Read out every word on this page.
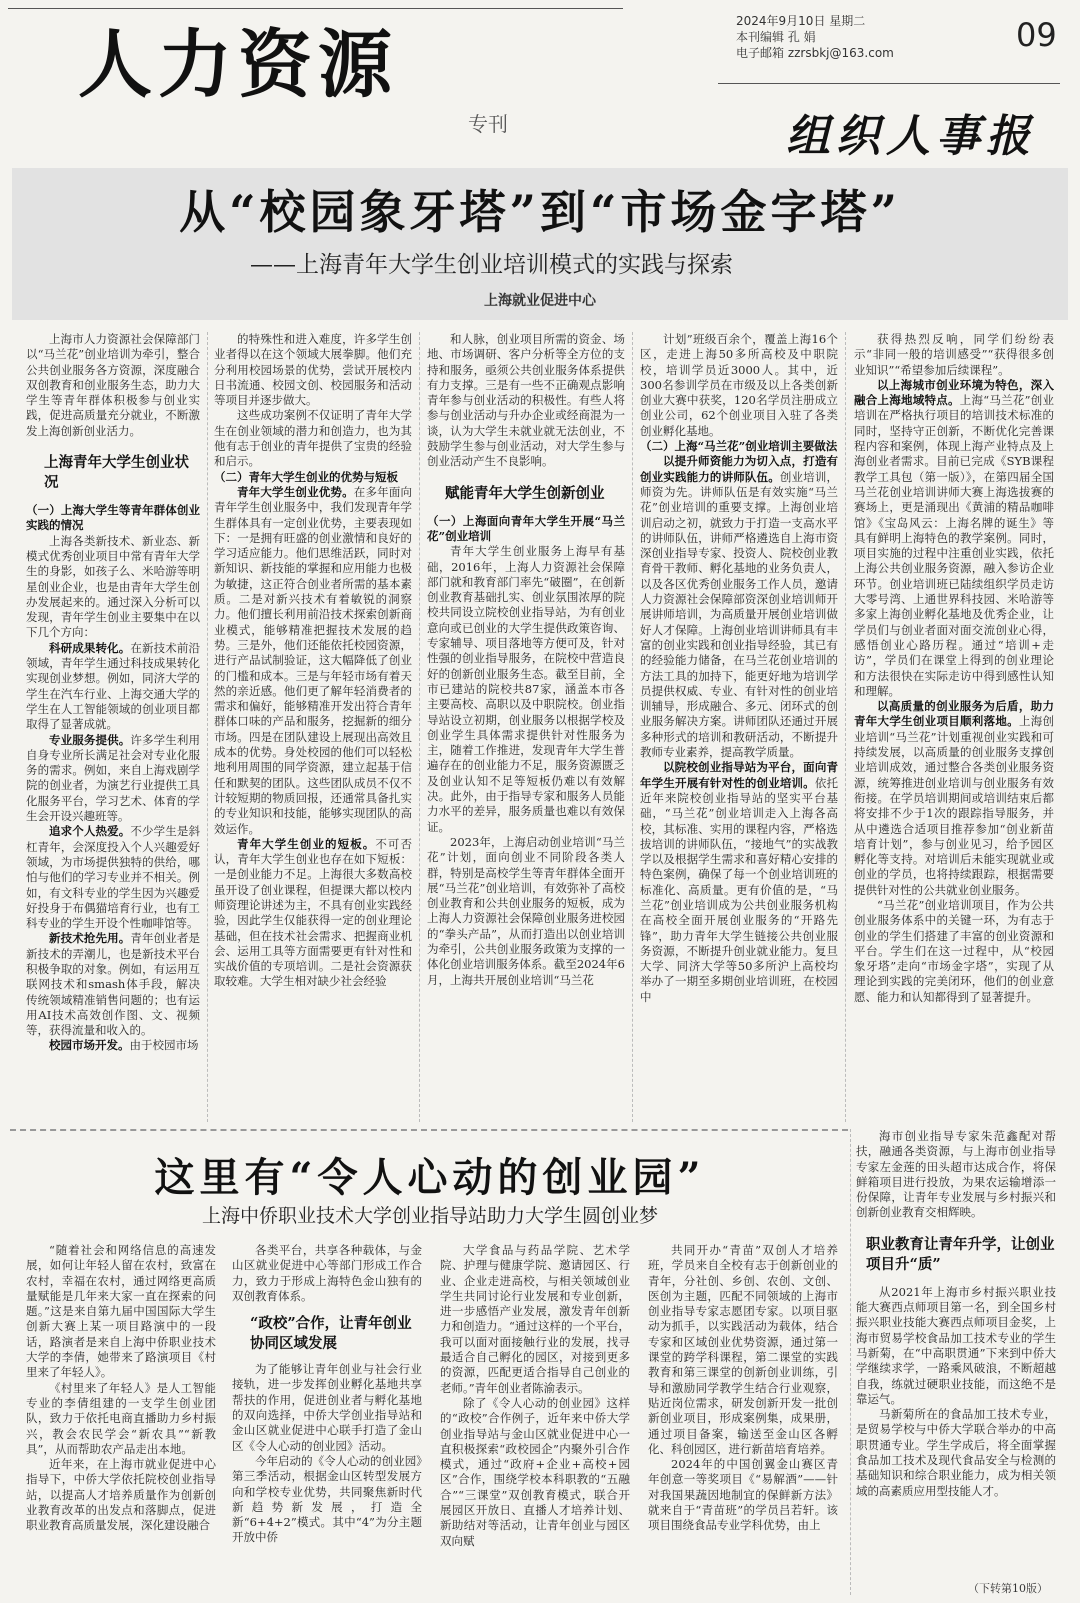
人力资源
专刊
2024年9月10日 星期二
本刊编辑 孔 娟
电子邮箱 zzrsbkj@163.com	09
组织人事报
从“校园象牙塔”到“市场金字塔”
——上海青年大学生创业培训模式的实践与探索
上海就业促进中心

上海市人力资源社会保障部门以“马兰花”创业培训为牵引，整合公共创业服务各方资源，深度融合双创教育和创业服务生态，助力大学生等青年群体积极参与创业实践，促进高质量充分就业，不断激发上海创新创业活力。

上海青年大学生创业状况

（一）上海大学生等青年群体创业实践的情况

上海各类新技术、新业态、新模式优秀创业项目中常有青年大学生的身影，如孩子么、米哈游等明星创业企业，也是由青年大学生创办发展起来的。通过深入分析可以发现，青年学生创业主要集中在以下几个方向：

科研成果转化。在新技术前沿领域，青年学生通过科技成果转化实现创业梦想。例如，同济大学的学生在汽车行业、上海交通大学的学生在人工智能领域的创业项目都取得了显著成就。

专业服务提供。许多学生利用自身专业所长满足社会对专业化服务的需求。例如，来自上海戏剧学院的创业者，为演艺行业提供工具化服务平台，学习艺术、体育的学生会开设兴趣班等。

追求个人热爱。不少学生是斜杠青年，会深度投入个人兴趣爱好领域，为市场提供独特的供给，哪怕与他们的学习专业并不相关。例如，有文科专业的学生因为兴趣爱好投身于布偶猫培育行业，也有工科专业的学生开设个性咖啡馆等。

新技术抢先用。青年创业者是新技术的弄潮儿，也是新技术平台积极争取的对象。例如，有运用互联网技术和smash体手段，解决传统领域精准销售问题的；也有运用AI技术高效创作图、文、视频等，获得流量和收入的。

校园市场开发。由于校园市场

的特殊性和进入难度，许多学生创业者得以在这个领域大展拳脚。他们充分利用校园场景的优势，尝试开展校内日书流通、校园文创、校园服务和活动等项目并逐步做大。

这些成功案例不仅证明了青年大学生在创业领域的潜力和创造力，也为其他有志于创业的青年提供了宝贵的经验和启示。

（二）青年大学生创业的优势与短板

青年大学生创业优势。在多年面向青年学生创业服务中，我们发现青年学生群体具有一定创业优势，主要表现如下：一是拥有旺盛的创业激情和良好的学习适应能力。他们思维活跃，同时对新知识、新技能的掌握和应用能力也极为敏捷，这正符合创业者所需的基本素质。二是对新兴技术有着敏锐的洞察力。他们擅长利用前沿技术探索创新商业模式，能够精准把握技术发展的趋势。三是外，他们还能依托校园资源，进行产品试制验证，这大幅降低了创业的门槛和成本。三是与年轻市场有着天然的亲近感。他们更了解年轻消费者的需求和偏好，能够精准开发出符合青年群体口味的产品和服务，挖掘新的细分市场。四是在团队建设上展现出高效且成本的优势。身处校园的他们可以轻松地利用周围的同学资源，建立起基于信任和默契的团队。这些团队成员不仅不计较短期的物质回报，还通常具备扎实的专业知识和技能，能够实现团队的高效运作。

青年大学生创业的短板。不可否认，青年大学生创业也存在如下短板：一是创业能力不足。上海很大多数高校虽开设了创业课程，但提课大都以校内师资理论讲述为主，不具有创业实践经验，因此学生仅能获得一定的创业理论基础，但在技术社会需求、把握商业机会、运用工具等方面需要更有针对性和实战价值的专项培训。二是社会资源获取较难。大学生相对缺少社会经验

和人脉，创业项目所需的资金、场地、市场调研、客户分析等全方位的支持和服务，亟须公共创业服务体系提供有力支撑。三是有一些不正确观点影响青年参与创业活动的积极性。有些人将参与创业活动与升办企业或经商混为一谈，认为大学生未就业就无法创业，不鼓励学生参与创业活动，对大学生参与创业活动产生不良影响。

赋能青年大学生创新创业

（一）上海面向青年大学生开展“马兰花”创业培训

青年大学生创业服务上海早有基础，2016年，上海人力资源社会保障部门就和教育部门率先“破圈”，在创新创业教育基础扎实、创业氛围浓厚的院校共同设立院校创业指导站，为有创业意向或已创业的大学生提供政策咨询、专家辅导、项目落地等方便可及，针对性强的创业指导服务，在院校中营造良好的创新创业服务生态。截至目前，全市已建站的院校共87家，涵盖本市各主要高校、高职以及中职院校。创业指导站设立初期，创业服务以根据学校及创业学生具体需求提供针对性服务为主，随着工作推进，发现青年大学生普遍存在的创业能力不足，服务资源匮乏及创业认知不足等短板仍难以有效解决。此外，由于指导专家和服务人员能力水平的差异，服务质量也难以有效保证。

2023年，上海启动创业培训“马兰花”计划，面向创业不同阶段各类人群，特别是高校学生等青年群体全面开展“马兰花”创业培训，有效弥补了高校创业教育和公共创业服务的短板，成为上海人力资源社会保障创业服务进校园的“拳头产品”，从而打造出以创业培训为牵引，公共创业服务政策为支撑的一体化创业培训服务体系。截至2024年6月，上海共开展创业培训“马兰花

计划”班级百余个，覆盖上海16个区，走进上海50多所高校及中职院校，培训学员近3000人。其中，近300名参训学员在市级及以上各类创新创业大赛中获奖，120名学员注册成立创业公司，62个创业项目入驻了各类创业孵化基地。

（二）上海“马兰花”创业培训主要做法

以提升师资能力为切入点，打造有创业实践能力的讲师队伍。创业培训，师资为先。讲师队伍是有效实施“马兰花”创业培训的重要支撑。上海创业培训启动之初，就致力于打造一支高水平的讲师队伍，讲师严格遴选自上海市资深创业指导专家、投资人、院校创业教育骨干教师、孵化基地的业务负责人，以及各区优秀创业服务工作人员，邀请人力资源社会保障部资深创业培训师开展讲师培训，为高质量开展创业培训做好人才保障。上海创业培训讲师具有丰富的创业实践和创业指导经验，其已有的经验能力储备，在马兰花创业培训的方法工具的加持下，能更好地为培训学员提供权威、专业、有针对性的创业培训辅导，形成融合、多元、闭环式的创业服务解决方案。讲师团队还通过开展多种形式的培训和教研活动，不断提升教师专业素养，提高教学质量。

以院校创业指导站为平台，面向青年学生开展有针对性的创业培训。依托近年来院校创业指导站的坚实平台基础，“马兰花”创业培训走入上海各高校，其标准、实用的课程内容，严格选拔培训的讲师队伍，“接地气”的实战教学以及根据学生需求和喜好精心安排的特色案例，确保了每一个创业培训班的标准化、高质量。更有价值的是，“马兰花”创业培训成为公共创业服务机构在高校全面开展创业服务的“开路先锋”，助力青年大学生链接公共创业服务资源，不断提升创业就业能力。复旦大学、同济大学等50多所沪上高校均举办了一期至多期创业培训班，在校园中

获得热烈反响，同学们纷纷表示“非同一般的培训感受”“获得很多创业知识”“希望参加后续课程”。

以上海城市创业环境为特色，深入融合上海地域特点。上海“马兰花”创业培训在严格执行项目的培训技术标准的同时，坚持守正创新，不断优化完善课程内容和案例，体现上海产业特点及上海创业者需求。目前已完成《SYB课程教学工具包（第一版）》，在第四届全国马兰花创业培训讲师大赛上海选拔赛的赛场上，更是涌现出《黄浦的精品咖啡馆》《宝岛风云：上海名牌的诞生》等具有鲜明上海特色的教学案例。同时，项目实施的过程中注重创业实践，依托上海公共创业服务资源，融入参访企业环节。创业培训班已陆续组织学员走访大零号湾、上通世界科技园、米哈游等多家上海创业孵化基地及优秀企业，让学员们与创业者面对面交流创业心得，感悟创业心路历程。通过“培训+走访”，学员们在课堂上得到的创业理论和方法很快在实际走访中得到感性认知和理解。

以高质量的创业服务为后盾，助力青年大学生创业项目顺利落地。上海创业培训“马兰花”计划重视创业实践和可持续发展，以高质量的创业服务支撑创业培训成效，通过整合各类创业服务资源，统筹推进创业培训与创业服务有效衔接。在学员培训期间或培训结束后都将安排不少于1次的跟踪指导服务，并从中遴选合适项目推荐参加“创业新苗培育计划”，参与创业见习，给予园区孵化等支持。对培训后未能实现就业或创业的学员，也将持续跟踪，根据需要提供针对性的公共就业创业服务。

“马兰花”创业培训项目，作为公共创业服务体系中的关键一环，为有志于创业的学生们搭建了丰富的创业资源和平台。学生们在这一过程中，从“校园象牙塔”走向“市场金字塔”，实现了从理论到实践的完美闭环，他们的创业意愿、能力和认知都得到了显著提升。

这里有“令人心动的创业园”
上海中侨职业技术大学创业指导站助力大学生圆创业梦

“随着社会和网络信息的高速发展，如何让年轻人留在农村，致富在农村，幸福在农村，通过网络更高质量赋能是几年来大家一直在探索的问题。”这是来自第九届中国国际大学生创新大赛上某一项目路演中的一段话，路演者是来自上海中侨职业技术大学的李倩，她带来了路演项目《村里来了年轻人》。

《村里来了年轻人》是人工智能专业的李倩组建的一支学生创业团队，致力于依托电商直播助力乡村振兴，教会农民学会“新农具”“新教具”，从而帮助农产品走出本地。

近年来，在上海市就业促进中心指导下，中侨大学依托院校创业指导站，以提高人才培养质量作为创新创业教育改革的出发点和落脚点，促进职业教育高质量发展，深化建设融合

各类平台，共享各种载体，与金山区就业促进中心等部门形成工作合力，致力于形成上海特色金山独有的双创教育体系。

“政校”合作，让青年创业协同区域发展

为了能够让青年创业与社会行业接轨，进一步发挥创业孵化基地共享帮扶的作用，促进创业者与孵化基地的双向选择，中侨大学创业指导站和金山区就业促进中心联手打造了金山区《令人心动的创业园》活动。

今年启动的《令人心动的创业园》第三季活动，根据金山区转型发展方向和学校专业优势，共同聚焦新时代新趋势新发展，打造全新“6+4+2”模式。其中“4”为分主题开放中侨

大学食品与药品学院、艺术学院、护理与健康学院、邀请园区、行业、企业走进高校，与相关领域创业学生共同讨论行业发展和专业创新，进一步感悟产业发展，激发青年创新力和创造力。“通过这样的一个平台，我可以面对面接触行业的发展，找寻最适合自己孵化的园区，对接到更多的资源，匹配更适合指导自己创业的老师。”青年创业者陈渝表示。

除了《令人心动的创业园》这样的“政校”合作例子，近年来中侨大学创业指导站与金山区就业促进中心一直积极探索“政校园企”内聚外引合作模式，通过“政府+企业+高校+园区”合作，围绕学校本科职教的“五融合”“三课堂”双创教育模式，联合开展园区开放日、直播人才培养计划、新助结对等活动，让青年创业与园区双向赋

共同开办“青苗”双创人才培养班，学员来自全校有志于创新创业的青年，分社创、乡创、农创、文创、医创为主题，匹配不同领域的上海市创业指导专家志愿团专家。以项目驱动为抓手，以实践活动为载体，结合专家和区域创业优势资源，通过第一课堂的跨学科课程，第二课堂的实践教育和第三课堂的创新创业训练，引导和激励同学教学生结合行业观察，贴近岗位需求，研发创新开发一批创新创业项目，形成案例集，成果册，通过项目备案，输送至金山区各孵化、科创园区，进行新苗培育培养。

2024年的中国创翼金山赛区青年创意一等奖项目《“易解酒”——针对我国果蔬因地制宜的保鲜新方法》就来自于“青苗班”的学员吕若轩。该项目围绕食品专业学科优势，由上

海市创业指导专家朱范鑫配对帮扶，融通各类资源，与上海市创业指导专家左金莲的田头超市达成合作，将保鲜箱项目进行投放，为果农运输增添一份保障，让青年专业发展与乡村振兴和创新创业教育交相辉映。

职业教育让青年升学，让创业项目升“质”

从2021年上海市乡村振兴职业技能大赛西点师项目第一名，到全国乡村振兴职业技能大赛西点师项目金奖，上海市贸易学校食品加工技术专业的学生马新菊，在“中高职贯通”下来到中侨大学继续求学，一路乘风破浪，不断超越自我，练就过硬职业技能，而这绝不是靠运气。

马新菊所在的食品加工技术专业，是贸易学校与中侨大学联合举办的中高职贯通专业。学生学成后，将全面掌握食品加工技术及现代食品安全与检测的基础知识和综合职业能力，成为相关领域的高素质应用型技能人才。

（下转第10版）
